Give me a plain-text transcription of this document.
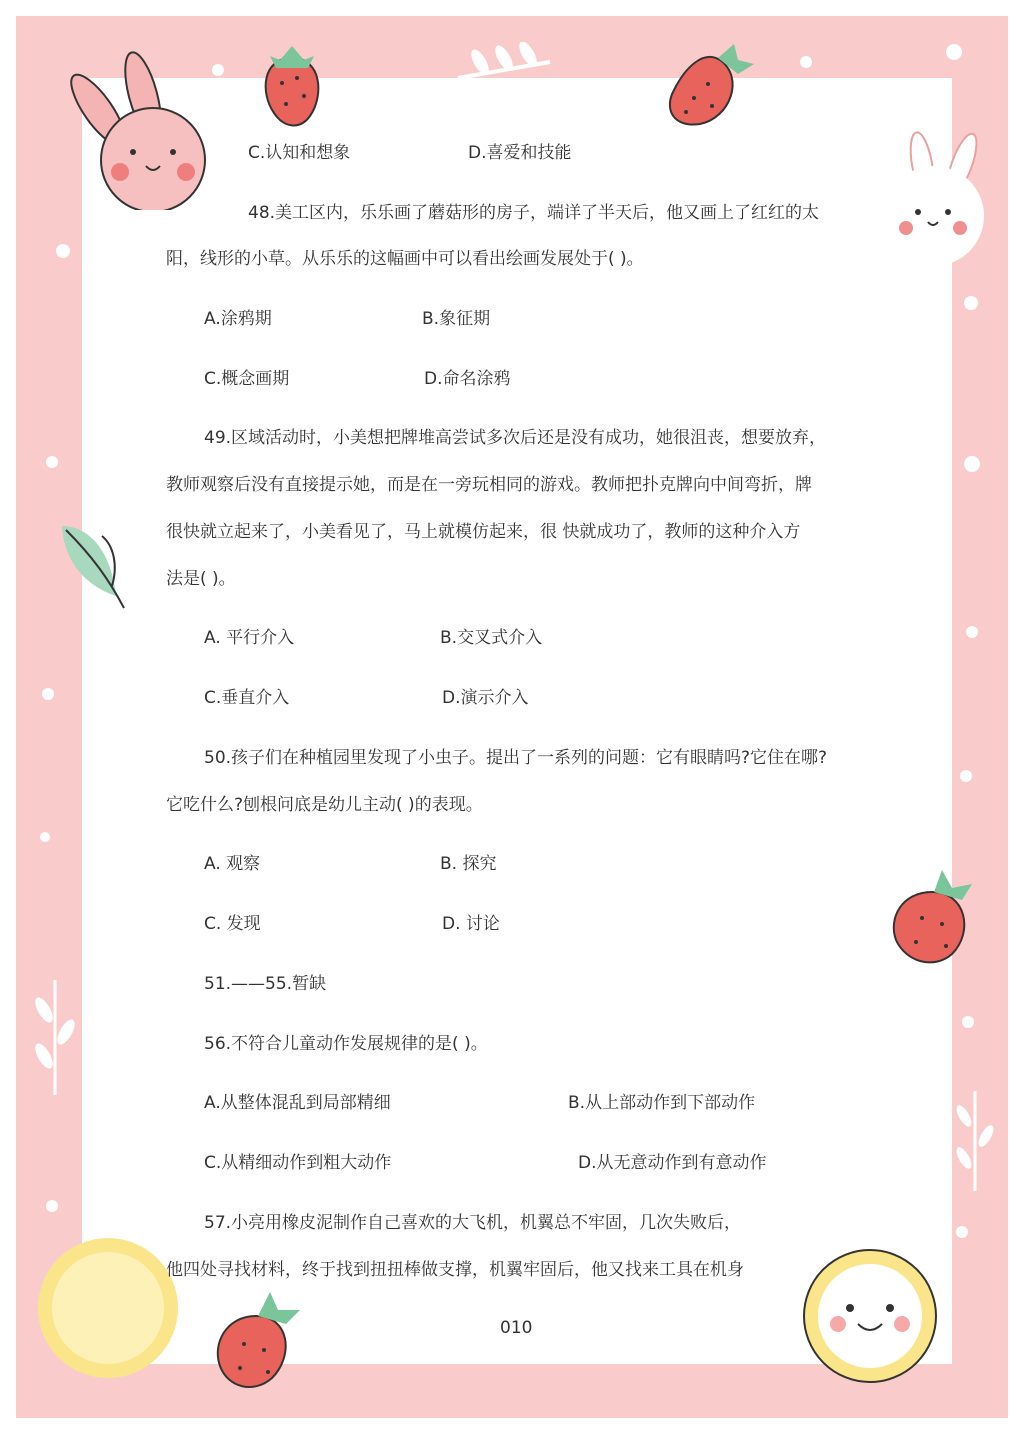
C.认知和想象	D.喜爱和技能
48.美工区内，乐乐画了蘑菇形的房子，端详了半天后，他又画上了红红的太
阳，线形的小草。从乐乐的这幅画中可以看出绘画发展处于( )。
A.涂鸦期	B.象征期
C.概念画期	D.命名涂鸦
49.区域活动时，小美想把牌堆高尝试多次后还是没有成功，她很沮丧，想要放弃，
教师观察后没有直接提示她，而是在一旁玩相同的游戏。教师把扑克牌向中间弯折，牌
很快就立起来了，小美看见了，马上就模仿起来，很 快就成功了，教师的这种介入方
法是( )。
A. 平行介入	B.交叉式介入
C.垂直介入	D.演示介入
50.孩子们在种植园里发现了小虫子。提出了一系列的问题：它有眼睛吗?它住在哪?
它吃什么?刨根问底是幼儿主动( )的表现。
A. 观察	B. 探究
C. 发现	D. 讨论
51.——55.暂缺
56.不符合儿童动作发展规律的是( )。
A.从整体混乱到局部精细	B.从上部动作到下部动作
C.从精细动作到粗大动作	D.从无意动作到有意动作
57.小亮用橡皮泥制作自己喜欢的大飞机，机翼总不牢固，几次失败后，
他四处寻找材料，终于找到扭扭棒做支撑，机翼牢固后，他又找来工具在机身
010
